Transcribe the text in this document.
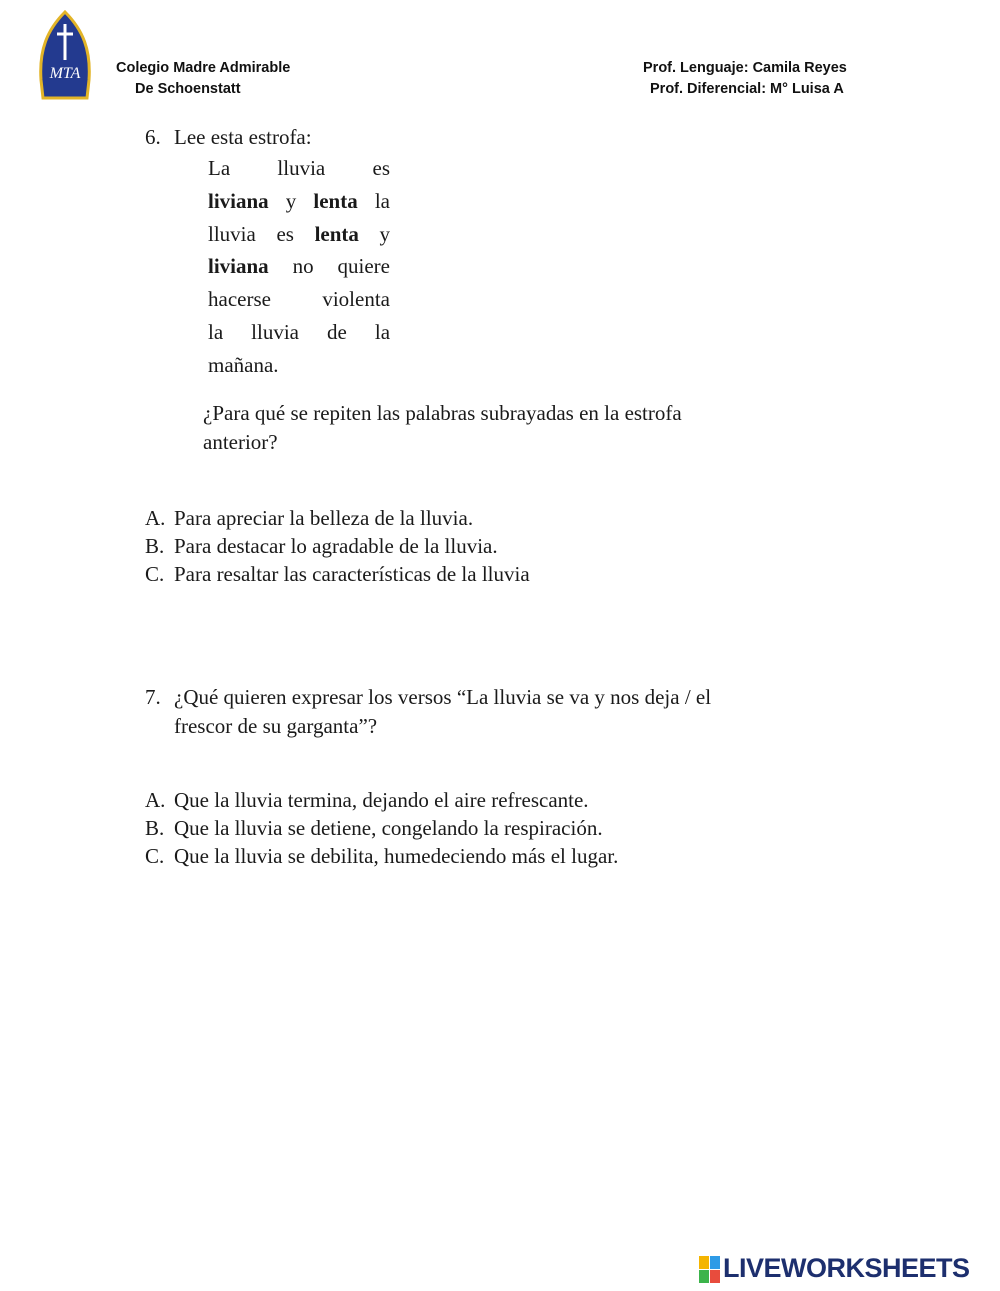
MTA Colegio Madre Admirable
De Schoenstatt
Prof. Lenguaje: Camila Reyes
Prof. Diferencial: M° Luisa A
6. Lee esta estrofa:
La lluvia es
liviana y lenta la
lluvia es lenta y
liviana no quiere
hacerse violenta
la lluvia de la
mañana.
¿Para qué se repiten las palabras subrayadas en la estrofa
anterior?
A. Para apreciar la belleza de la lluvia.
B. Para destacar lo agradable de la lluvia.
C. Para resaltar las características de la lluvia
7. ¿Qué quieren expresar los versos “La lluvia se va y nos deja / el
frescor de su garganta”?
A. Que la lluvia termina, dejando el aire refrescante.
B. Que la lluvia se detiene, congelando la respiración.
C. Que la lluvia se debilita, humedeciendo más el lugar.
LIVEWORKSHEETS
